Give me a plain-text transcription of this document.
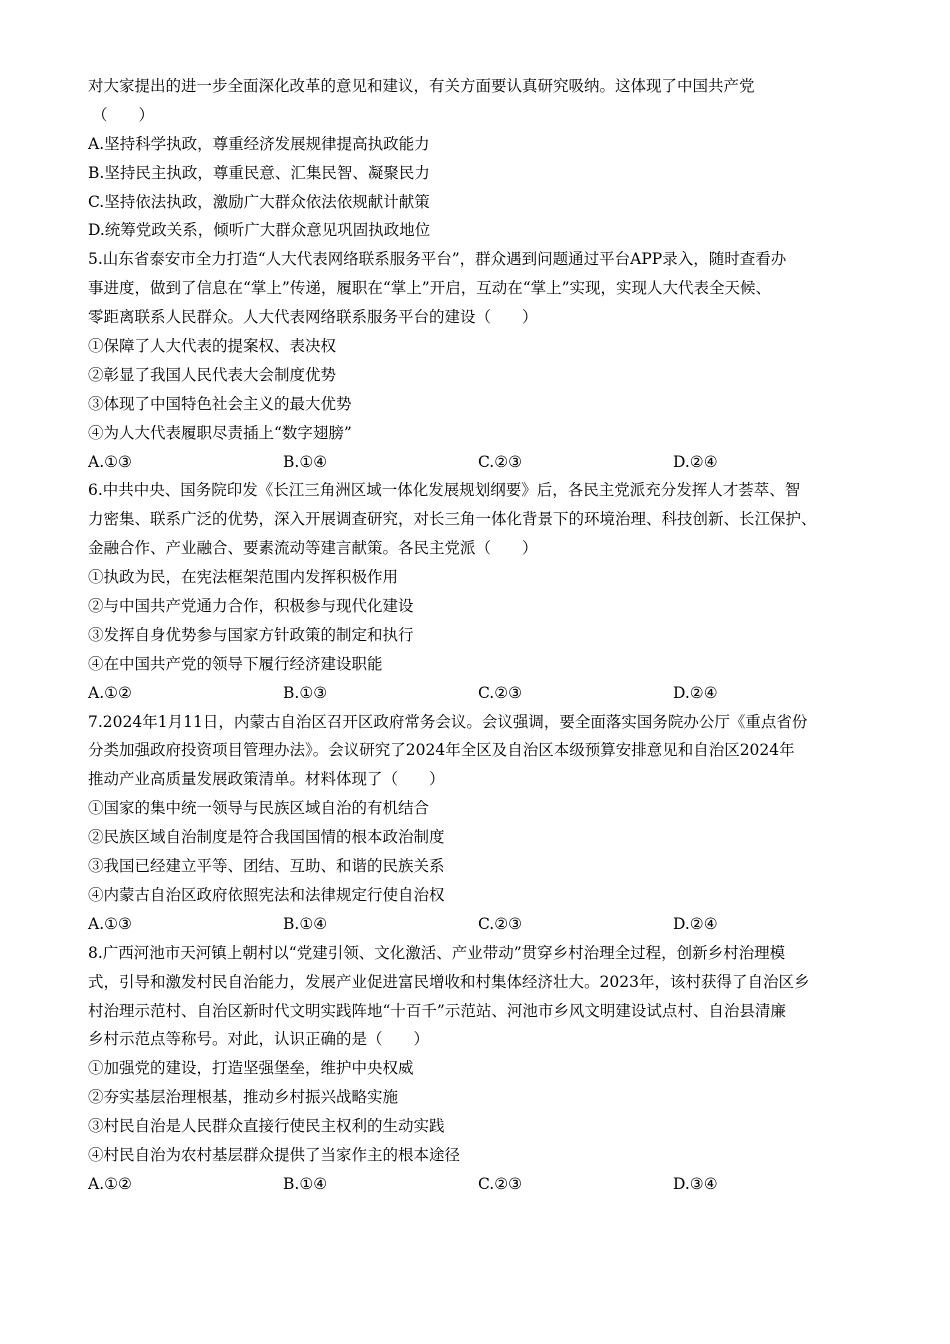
对大家提出的进一步全面深化改革的意见和建议，有关方面要认真研究吸纳。这体现了中国共产党
（　　）
A.坚持科学执政，尊重经济发展规律提高执政能力
B.坚持民主执政，尊重民意、汇集民智、凝聚民力
C.坚持依法执政，激励广大群众依法依规献计献策
D.统筹党政关系，倾听广大群众意见巩固执政地位
5.山东省泰安市全力打造“人大代表网络联系服务平台”，群众遇到问题通过平台APP录入，随时查看办
事进度，做到了信息在“掌上”传递，履职在“掌上”开启，互动在“掌上”实现，实现人大代表全天候、
零距离联系人民群众。人大代表网络联系服务平台的建设（　　）
①保障了人大代表的提案权、表决权
②彰显了我国人民代表大会制度优势
③体现了中国特色社会主义的最大优势
④为人大代表履职尽责插上“数字翅膀”
A.①③	B.①④	C.②③	D.②④
6.中共中央、国务院印发《长江三角洲区域一体化发展规划纲要》后，各民主党派充分发挥人才荟萃、智
力密集、联系广泛的优势，深入开展调查研究，对长三角一体化背景下的环境治理、科技创新、长江保护、
金融合作、产业融合、要素流动等建言献策。各民主党派（　　）
①执政为民，在宪法框架范围内发挥积极作用
②与中国共产党通力合作，积极参与现代化建设
③发挥自身优势参与国家方针政策的制定和执行
④在中国共产党的领导下履行经济建设职能
A.①②	B.①③	C.②③	D.②④
7.2024年1月11日，内蒙古自治区召开区政府常务会议。会议强调，要全面落实国务院办公厅《重点省份
分类加强政府投资项目管理办法》。会议研究了2024年全区及自治区本级预算安排意见和自治区2024年
推动产业高质量发展政策清单。材料体现了（　　）
①国家的集中统一领导与民族区域自治的有机结合
②民族区域自治制度是符合我国国情的根本政治制度
③我国已经建立平等、团结、互助、和谐的民族关系
④内蒙古自治区政府依照宪法和法律规定行使自治权
A.①③	B.①④	C.②③	D.②④
8.广西河池市天河镇上朝村以“党建引领、文化激活、产业带动”贯穿乡村治理全过程，创新乡村治理模
式，引导和激发村民自治能力，发展产业促进富民增收和村集体经济壮大。2023年，该村获得了自治区乡
村治理示范村、自治区新时代文明实践阵地“十百千”示范站、河池市乡风文明建设试点村、自治县清廉
乡村示范点等称号。对此，认识正确的是（　　）
①加强党的建设，打造坚强堡垒，维护中央权威
②夯实基层治理根基，推动乡村振兴战略实施
③村民自治是人民群众直接行使民主权利的生动实践
④村民自治为农村基层群众提供了当家作主的根本途径
A.①②	B.①④	C.②③	D.③④
